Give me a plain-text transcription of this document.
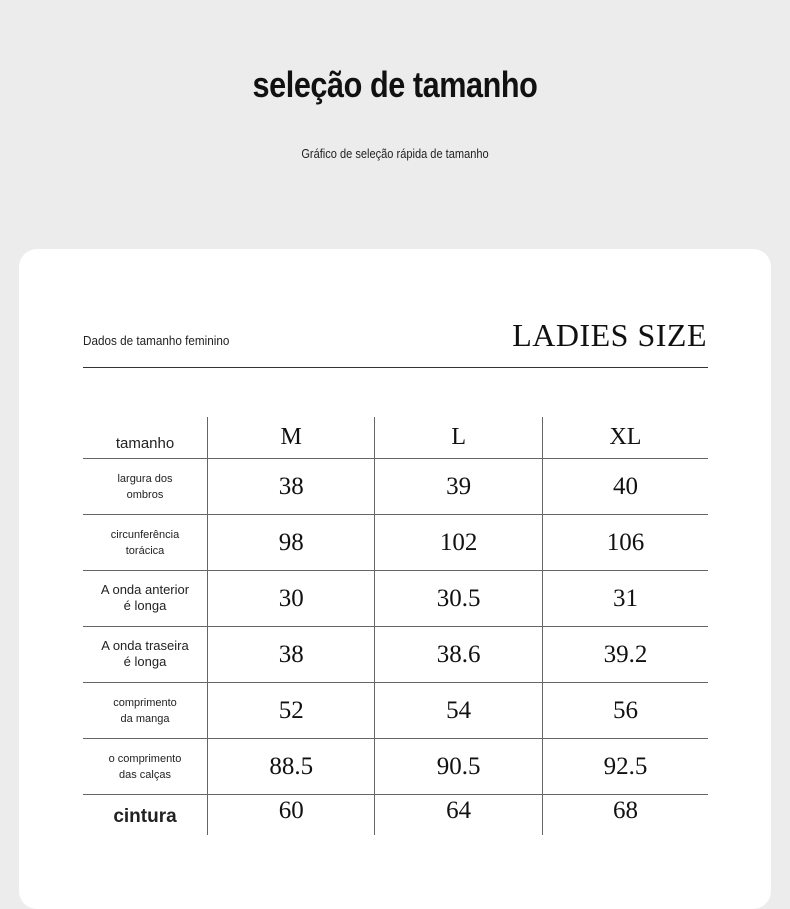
seleção de tamanho
Gráfico de seleção rápida de tamanho
Dados de tamanho feminino	LADIES SIZE
tamanho	M	L	XL
largura dos
ombros	38	39	40
circunferência
torácica	98	102	106
A onda anterior
é longa	30	30.5	31
A onda traseira
é longa	38	38.6	39.2
comprimento
da manga	52	54	56
o comprimento
das calças	88.5	90.5	92.5
cintura	60	64	68
